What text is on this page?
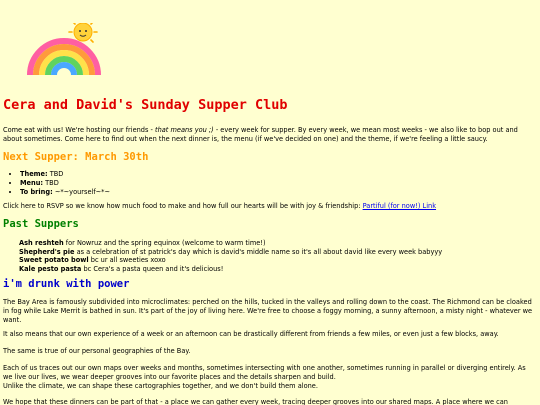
Cera and David's Sunday Supper Club

Come eat with us! We're hosting our friends - that means you ;) - every week for supper. By every week, we mean most weeks - we also like to bop out and about sometimes. Come here to find out when the next dinner is, the menu (if we've decided on one) and the theme, if we're feeling a little saucy.

Next Supper: March 30th
• Theme: TBD
• Menu: TBD
• To bring: ~*~yourself~*~

Click here to RSVP so we know how much food to make and how full our hearts will be with joy & friendship: Partiful (for now!) Link

Past Suppers
Ash reshteh for Nowruz and the spring equinox (welcome to warm time!)
Shepherd's pie as a celebration of st patrick's day which is david's middle name so it's all about david like every week babyyy
Sweet potato bowl bc ur all sweeties xoxo
Kale pesto pasta bc Cera's a pasta queen and it's delicious!
i'm drunk with power

The Bay Area is famously subdivided into microclimates: perched on the hills, tucked in the valleys and rolling down to the coast. The Richmond can be cloaked in fog while Lake Merrit is bathed in sun. It's part of the joy of living here. We're free to choose a foggy morning, a sunny afternoon, a misty night - whatever we want.

It also means that our own experience of a week or an afternoon can be drastically different from friends a few miles, or even just a few blocks, away.

The same is true of our personal geographies of the Bay.

Each of us traces out our own maps over weeks and months, sometimes intersecting with one another, sometimes running in parallel or diverging entirely. As we live our lives, we wear deeper grooves into our favorite places and the details sharpen and build.

Unlike the climate, we can shape these cartographies together, and we don't build them alone.

We hope that these dinners can be part of that - a place we can gather every week, tracing deeper grooves into our shared maps. A place where we can
